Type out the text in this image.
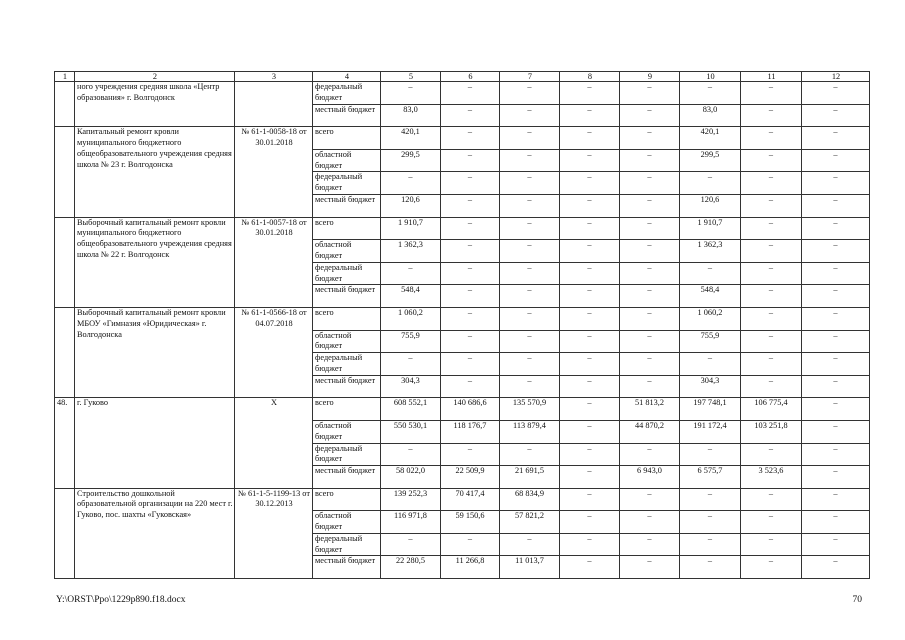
1	2	3	4	5	6	7	8	9	10	11	12
	ного учреждения средняя школа «Центр образования» г. Волгодонск		федеральный бюджет	–	–	–	–	–	–	–	–
			местный бюджет	83,0	–	–	–	–	83,0	–	–
	Капитальный ремонт кровли муниципального бюджетного общеобразовательного учреждения средняя школа № 23 г. Волгодонска	№ 61-1-0058-18 от 30.01.2018	всего	420,1	–	–	–	–	420,1	–	–
			областной бюджет	299,5	–	–	–	–	299,5	–	–
			федеральный бюджет	–	–	–	–	–	–	–	–
			местный бюджет	120,6	–	–	–	–	120,6	–	–
	Выборочный капитальный ремонт кровли муниципального бюджетного общеобразовательного учреждения средняя школа № 22 г. Волгодонск	№ 61-1-0057-18 от 30.01.2018	всего	1 910,7	–	–	–	–	1 910,7	–	–
			областной бюджет	1 362,3	–	–	–	–	1 362,3	–	–
			федеральный бюджет	–	–	–	–	–	–	–	–
			местный бюджет	548,4	–	–	–	–	548,4	–	–
	Выборочный капитальный ремонт кровли МБОУ «Гимназия «Юридическая» г. Волгодонска	№ 61-1-0566-18 от 04.07.2018	всего	1 060,2	–	–	–	–	1 060,2	–	–
			областной бюджет	755,9	–	–	–	–	755,9	–	–
			федеральный бюджет	–	–	–	–	–	–	–	–
			местный бюджет	304,3	–	–	–	–	304,3	–	–
48.	г. Гуково	X	всего	608 552,1	140 686,6	135 570,9	–	51 813,2	197 748,1	106 775,4	–
			областной бюджет	550 530,1	118 176,7	113 879,4	–	44 870,2	191 172,4	103 251,8	–
			федеральный бюджет	–	–	–	–	–	–	–	–
			местный бюджет	58 022,0	22 509,9	21 691,5	–	6 943,0	6 575,7	3 523,6	–
	Строительство дошкольной образовательной организации на 220 мест г. Гуково, пос. шахты «Гуковская»	№ 61-1-5-1199-13 от 30.12.2013	всего	139 252,3	70 417,4	68 834,9	–	–	–	–	–
			областной бюджет	116 971,8	59 150,6	57 821,2	–	–	–	–	–
			федеральный бюджет	–	–	–	–	–	–	–	–
			местный бюджет	22 280,5	11 266,8	11 013,7	–	–	–	–	–
Y:\ORST\Ppo\1229p890.f18.docx	70
